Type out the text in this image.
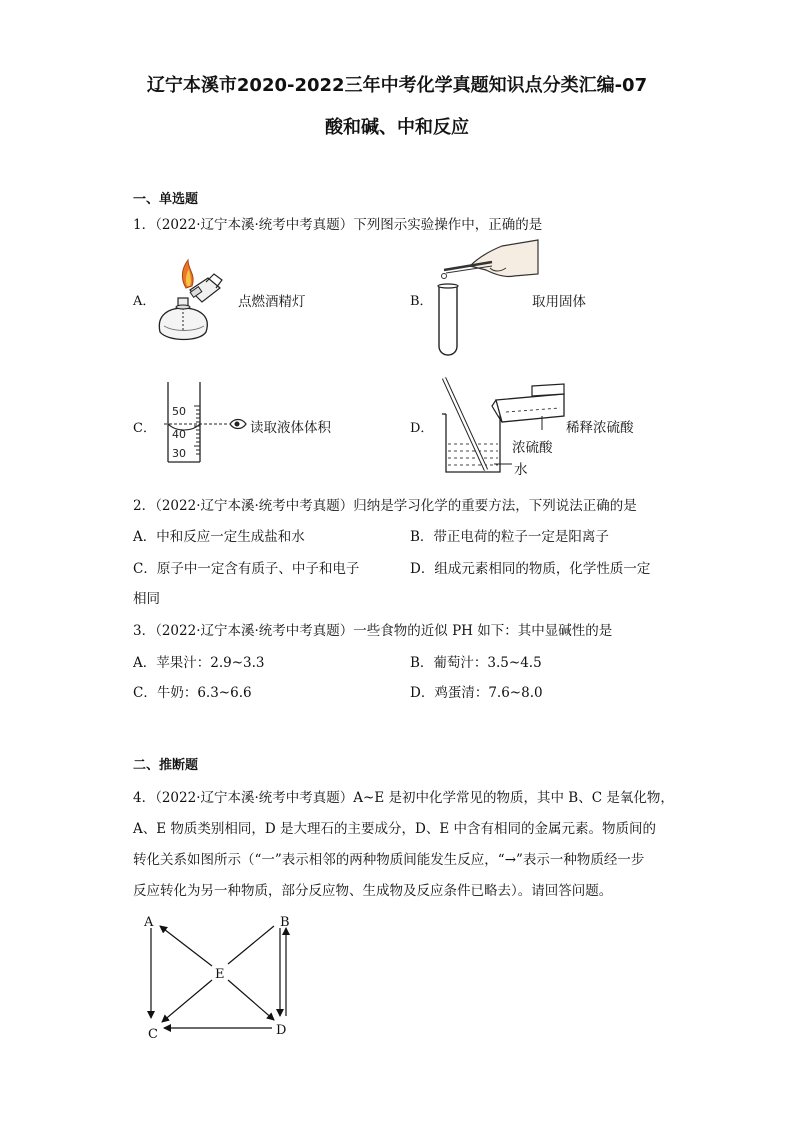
辽宁本溪市2020-2022三年中考化学真题知识点分类汇编-07
酸和碱、中和反应
一、单选题
1．（2022·辽宁本溪·统考中考真题）下列图示实验操作中，正确的是
A．	点燃酒精灯	B．	取用固体
C．
50
40
30
读取液体体积	D．	稀释浓硫酸
浓硫酸
水
2．（2022·辽宁本溪·统考中考真题）归纳是学习化学的重要方法，下列说法正确的是
A．中和反应一定生成盐和水	B．带正电荷的粒子一定是阳离子
C．原子中一定含有质子、中子和电子	D．组成元素相同的物质，化学性质一定
相同
3．（2022·辽宁本溪·统考中考真题）一些食物的近似 PH 如下：其中显碱性的是
A．苹果汁：2.9~3.3	B．葡萄汁：3.5~4.5
C．牛奶：6.3~6.6	D．鸡蛋清：7.6~8.0
二、推断题
4．（2022·辽宁本溪·统考中考真题）A~E 是初中化学常见的物质，其中 B、C 是氧化物，
A、E 物质类别相同，D 是大理石的主要成分，D、E 中含有相同的金属元素。物质间的
转化关系如图所示（“一”表示相邻的两种物质间能发生反应，“→”表示一种物质经一步
反应转化为另一种物质，部分反应物、生成物及反应条件已略去）。请回答问题。
A	B
C	D
E
